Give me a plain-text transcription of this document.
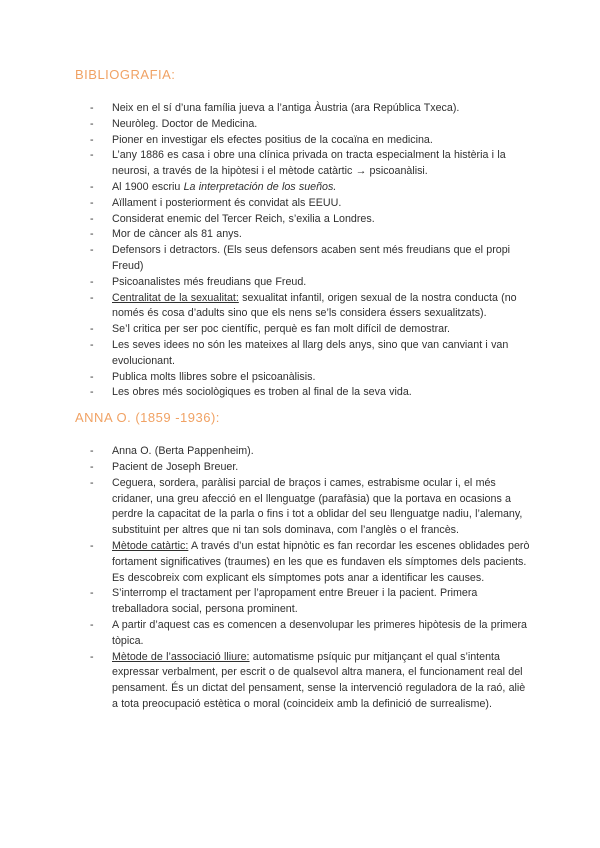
BIBLIOGRAFIA:
-	Neix en el sí d’una família jueva a l’antiga Àustria (ara República Txeca).
-	Neuròleg. Doctor de Medicina.
-	Pioner en investigar els efectes positius de la cocaïna en medicina.
-	L’any 1886 es casa i obre una clínica privada on tracta especialment la histèria i la neurosi, a través de la hipòtesi i el mètode catàrtic → psicoanàlisi.
-	Al 1900 escriu La interpretación de los sueños.
-	Aïllament i posteriorment és convidat als EEUU.
-	Considerat enemic del Tercer Reich, s’exilia a Londres.
-	Mor de càncer als 81 anys.
-	Defensors i detractors. (Els seus defensors acaben sent més freudians que el propi Freud)
-	Psicoanalistes més freudians que Freud.
-	Centralitat de la sexualitat: sexualitat infantil, origen sexual de la nostra conducta (no només és cosa d’adults sino que els nens se’ls considera éssers sexualitzats).
-	Se’l critica per ser poc científic, perquè es fan molt difícil de demostrar.
-	Les seves idees no són les mateixes al llarg dels anys, sino que van canviant i van evolucionant.
-	Publica molts llibres sobre el psicoanàlisis.
-	Les obres més sociològiques es troben al final de la seva vida.
ANNA O. (1859 -1936):
-	Anna O. (Berta Pappenheim).
-	Pacient de Joseph Breuer.
-	Ceguera, sordera, paràlisi parcial de braços i cames, estrabisme ocular i, el més cridaner, una greu afecció en el llenguatge (parafàsia) que la portava en ocasions a perdre la capacitat de la parla o fins i tot a oblidar del seu llenguatge nadiu, l’alemany, substituint per altres que ni tan sols dominava, com l’anglès o el francès.
-	Mètode catàrtic: A través d’un estat hipnòtic es fan recordar les escenes oblidades però fortament significatives (traumes) en les que es fundaven els símptomes dels pacients. Es descobreix com explicant els símptomes pots anar a identificar les causes.
-	S’interromp el tractament per l’apropament entre Breuer i la pacient. Primera treballadora social, persona prominent.
-	A partir d’aquest cas es comencen a desenvolupar les primeres hipòtesis de la primera tòpica.
-	Mètode de l’associació lliure: automatisme psíquic pur mitjançant el qual s’intenta expressar verbalment, per escrit o de qualsevol altra manera, el funcionament real del pensament. És un dictat del pensament, sense la intervenció reguladora de la raó, aliè a tota preocupació estètica o moral (coincideix amb la definició de surrealisme).
